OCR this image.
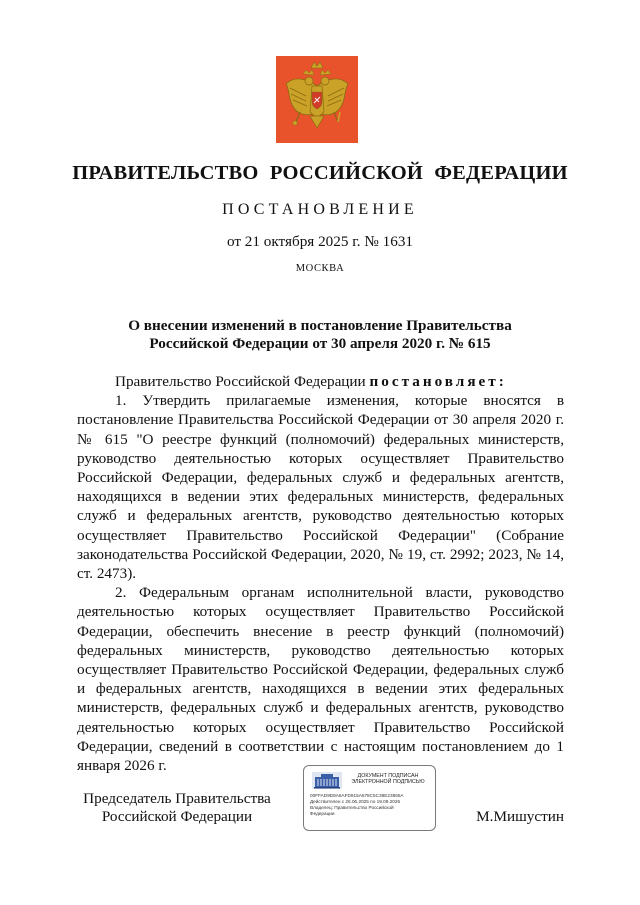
ПРАВИТЕЛЬСТВО РОССИЙСКОЙ ФЕДЕРАЦИИ
ПОСТАНОВЛЕНИЕ
от 21 октября 2025 г. № 1631
МОСКВА
О внесении изменений в постановление Правительства
Российской Федерации от 30 апреля 2020 г. № 615

Правительство Российской Федерации постановляет:

1. Утвердить прилагаемые изменения, которые вносятся в постановление Правительства Российской Федерации от 30 апреля 2020 г. № 615 "О реестре функций (полномочий) федеральных министерств, руководство деятельностью которых осуществляет Правительство Российской Федерации, федеральных служб и федеральных агентств, находящихся в ведении этих федеральных министерств, федеральных служб и федеральных агентств, руководство деятельностью которых осуществляет Правительство Российской Федерации" (Собрание законодательства Российской Федерации, 2020, № 19, ст. 2992; 2023, № 14, ст. 2473).

2. Федеральным органам исполнительной власти, руководство деятельностью которых осуществляет Правительство Российской Федерации, обеспечить внесение в реестр функций (полномочий) федеральных министерств, руководство деятельностью которых осуществляет Правительство Российской Федерации, федеральных служб и федеральных агентств, находящихся в ведении этих федеральных министерств, федеральных служб и федеральных агентств, руководство деятельностью которых осуществляет Правительство Российской Федерации, сведений в соответствии с настоящим постановлением до 1 января 2026 г.

Председатель Правительства
Российской Федерации
ДОКУМЕНТ ПОДПИСАН
ЭЛЕКТРОННОЙ ПОДПИСЬЮ
00FFAD9D9A6AFD915A578C5C38E23865A
Действителен с 26.06.2025 по 19.09.2026
Владелец: Правительство Российской
Федерации	М.Мишустин
